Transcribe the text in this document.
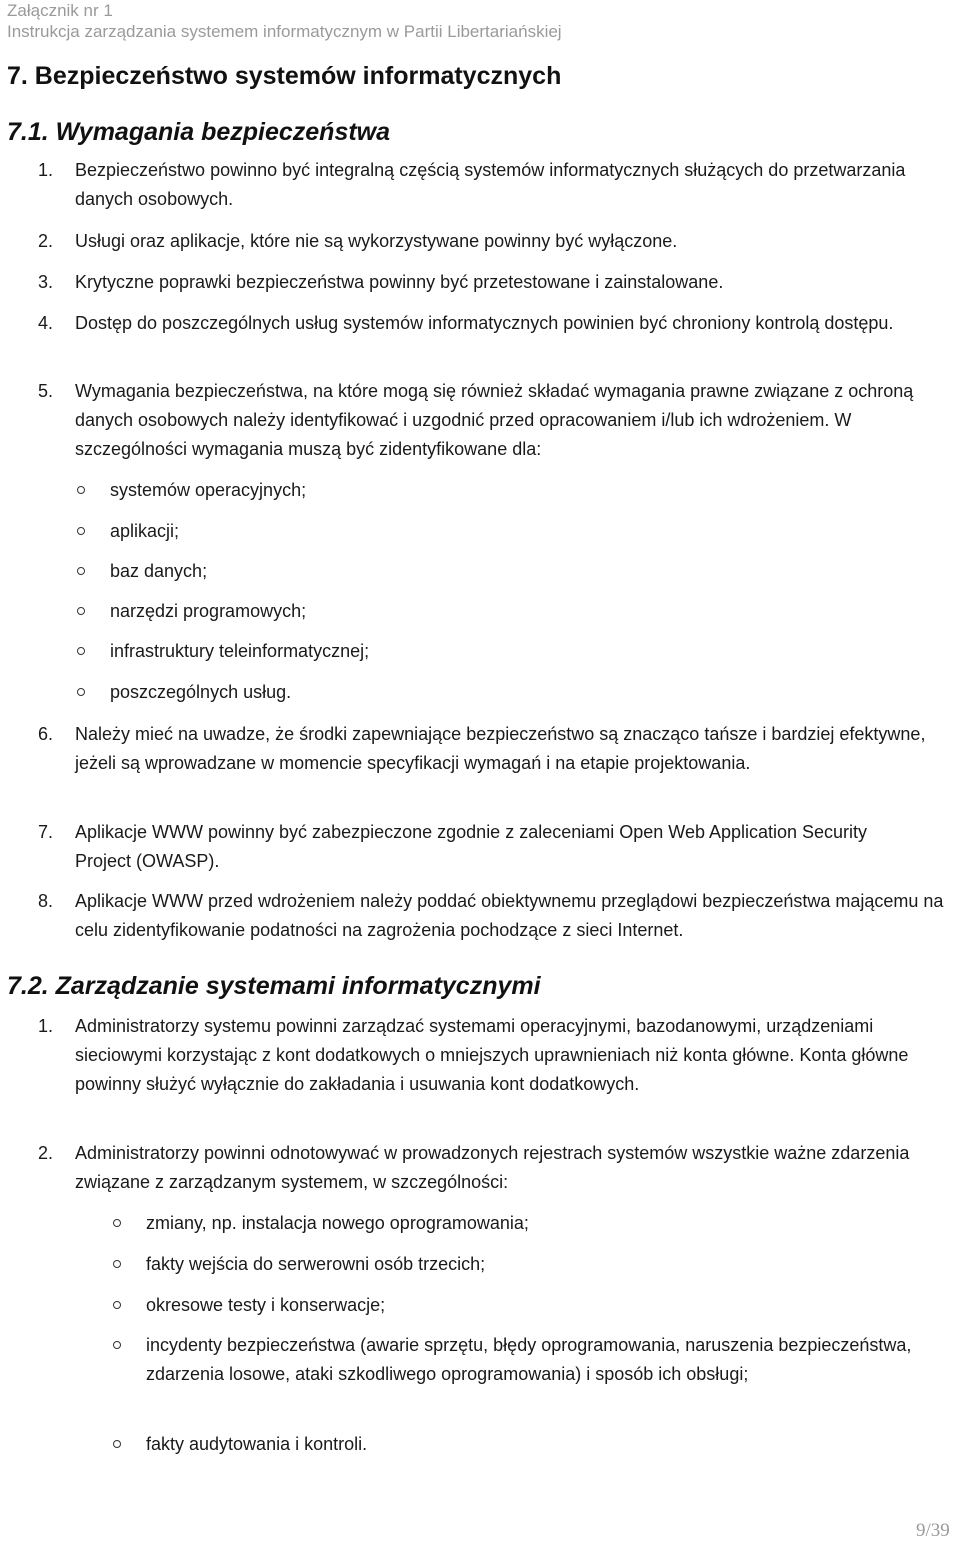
Załącznik nr 1
Instrukcja zarządzania systemem informatycznym w Partii Libertariańskiej
7. Bezpieczeństwo systemów informatycznych
7.1. Wymagania bezpieczeństwa
1. Bezpieczeństwo powinno być integralną częścią systemów informatycznych służących do przetwarzania danych osobowych.
2. Usługi oraz aplikacje, które nie są wykorzystywane powinny być wyłączone.
3. Krytyczne poprawki bezpieczeństwa powinny być przetestowane i zainstalowane.
4. Dostęp do poszczególnych usług systemów informatycznych powinien być chroniony kontrolą dostępu.
5. Wymagania bezpieczeństwa, na które mogą się również składać wymagania prawne związane z ochroną danych osobowych należy identyfikować i uzgodnić przed opracowaniem i/lub ich wdrożeniem. W szczególności wymagania muszą być zidentyfikowane dla:
systemów operacyjnych;
aplikacji;
baz danych;
narzędzi programowych;
infrastruktury teleinformatycznej;
poszczególnych usług.
6. Należy mieć na uwadze, że środki zapewniające bezpieczeństwo są znacząco tańsze i bardziej efektywne, jeżeli są wprowadzane w momencie specyfikacji wymagań i na etapie projektowania.
7. Aplikacje WWW powinny być zabezpieczone zgodnie z zaleceniami Open Web Application Security Project (OWASP).
8. Aplikacje WWW przed wdrożeniem należy poddać obiektywnemu przeglądowi bezpieczeństwa mającemu na celu zidentyfikowanie podatności na zagrożenia pochodzące z sieci Internet.
7.2. Zarządzanie systemami informatycznymi
1. Administratorzy systemu powinni zarządzać systemami operacyjnymi, bazodanowymi, urządzeniami sieciowymi korzystając z kont dodatkowych o mniejszych uprawnieniach niż konta główne. Konta główne powinny służyć wyłącznie do zakładania i usuwania kont dodatkowych.
2. Administratorzy powinni odnotowywać w prowadzonych rejestrach systemów wszystkie ważne zdarzenia związane z zarządzanym systemem, w szczególności:
zmiany, np. instalacja nowego oprogramowania;
fakty wejścia do serwerowni osób trzecich;
okresowe testy i konserwacje;
incydenty bezpieczeństwa (awarie sprzętu, błędy oprogramowania, naruszenia bezpieczeństwa, zdarzenia losowe, ataki szkodliwego oprogramowania) i sposób ich obsługi;
fakty audytowania i kontroli.
9/39
